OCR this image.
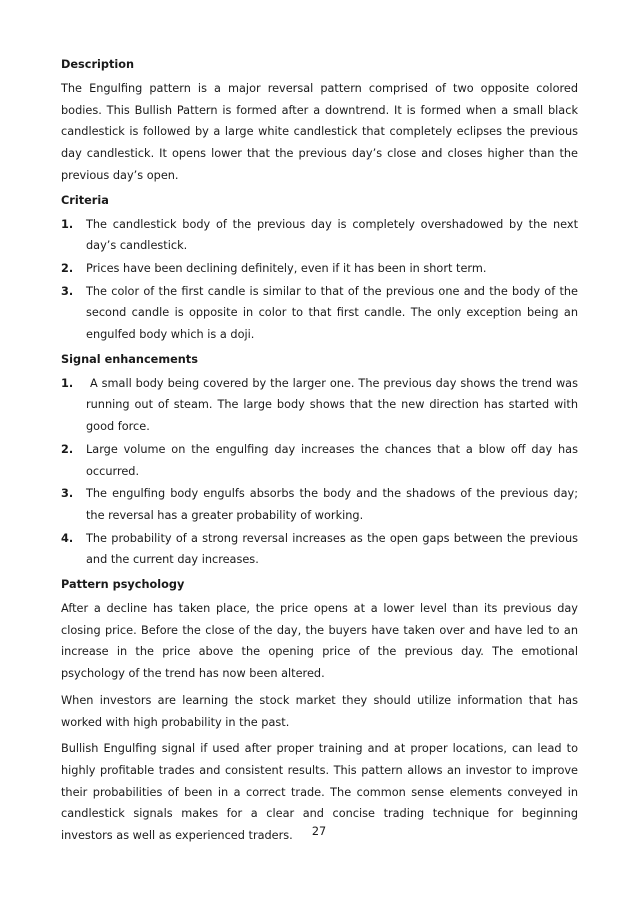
Description

The Engulfing pattern is a major reversal pattern comprised of two opposite colored bodies. This Bullish Pattern is formed after a downtrend. It is formed when a small black candlestick is followed by a large white candlestick that completely eclipses the previous day candlestick. It opens lower that the previous day’s close and closes higher than the previous day’s open.

Criteria
1.	The candlestick body of the previous day is completely overshadowed by the next day’s candlestick.
2.	Prices have been declining definitely, even if it has been in short term.
3.	The color of the first candle is similar to that of the previous one and the body of the second candle is opposite in color to that first candle. The only exception being an engulfed body which is a doji.
Signal enhancements
1.	A small body being covered by the larger one. The previous day shows the trend was running out of steam. The large body shows that the new direction has started with good force.
2.	Large volume on the engulfing day increases the chances that a blow off day has occurred.
3.	The engulfing body engulfs absorbs the body and the shadows of the previous day; the reversal has a greater probability of working.
4.	The probability of a strong reversal increases as the open gaps between the previous and the current day increases.
Pattern psychology

After a decline has taken place, the price opens at a lower level than its previous day closing price. Before the close of the day, the buyers have taken over and have led to an increase in the price above the opening price of the previous day. The emotional psychology of the trend has now been altered.

When investors are learning the stock market they should utilize information that has worked with high probability in the past.

Bullish Engulfing signal if used after proper training and at proper locations, can lead to highly profitable trades and consistent results. This pattern allows an investor to improve their probabilities of been in a correct trade. The common sense elements conveyed in candlestick signals makes for a clear and concise trading technique for beginning investors as well as experienced traders.	27
